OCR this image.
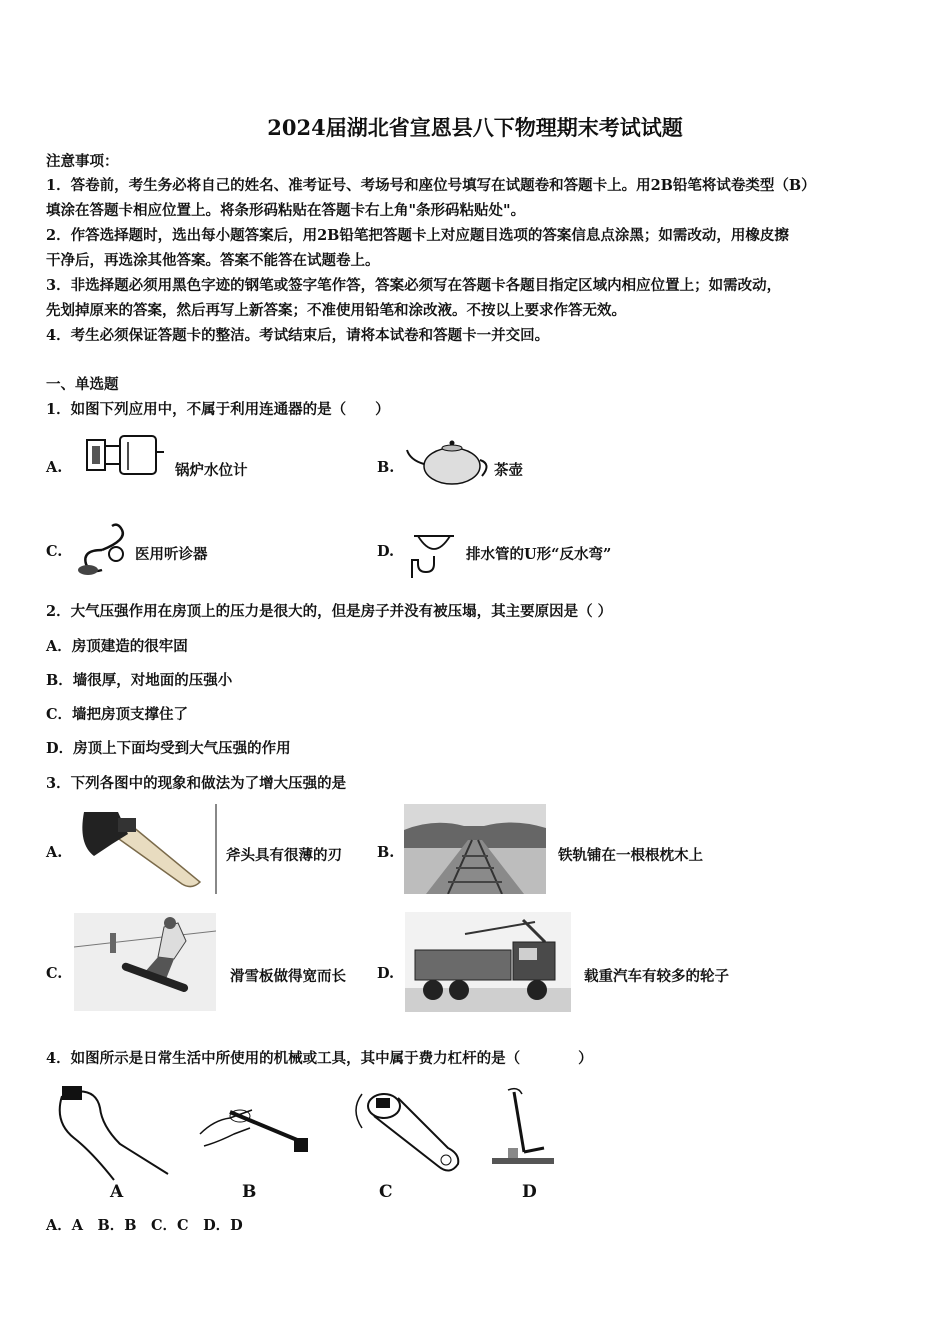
2024届湖北省宣恩县八下物理期末考试试题
注意事项：
1．答卷前，考生务必将自己的姓名、准考证号、考场号和座位号填写在试题卷和答题卡上。用2B铅笔将试卷类型（B）
填涂在答题卡相应位置上。将条形码粘贴在答题卡右上角"条形码粘贴处"。
2．作答选择题时，选出每小题答案后，用2B铅笔把答题卡上对应题目选项的答案信息点涂黑；如需改动，用橡皮擦
干净后，再选涂其他答案。答案不能答在试题卷上。
3．非选择题必须用黑色字迹的钢笔或签字笔作答，答案必须写在答题卡各题目指定区域内相应位置上；如需改动，
先划掉原来的答案，然后再写上新答案；不准使用铅笔和涂改液。不按以上要求作答无效。
4．考生必须保证答题卡的整洁。考试结束后，请将本试卷和答题卡一并交回。
一、单选题
1．如图下列应用中，不属于利用连通器的是（　　）
A.	锅炉水位计	B.	茶壶
C.	医用听诊器	D.	排水管的U形“反水弯”
2．大气压强作用在房顶上的压力是很大的，但是房子并没有被压塌，其主要原因是（ ）
A．房顶建造的很牢固
B．墙很厚，对地面的压强小
C．墙把房顶支撑住了
D．房顶上下面均受到大气压强的作用
3．下列各图中的现象和做法为了增大压强的是
A.	斧头具有很薄的刃 B.	铁轨铺在一根根枕木上
C.	滑雪板做得宽而长 D.	载重汽车有较多的轮子
4．如图所示是日常生活中所使用的机械或工具，其中属于费力杠杆的是（　　　　）
A	B	C	D
A．A　B．B　C．C　D．D
